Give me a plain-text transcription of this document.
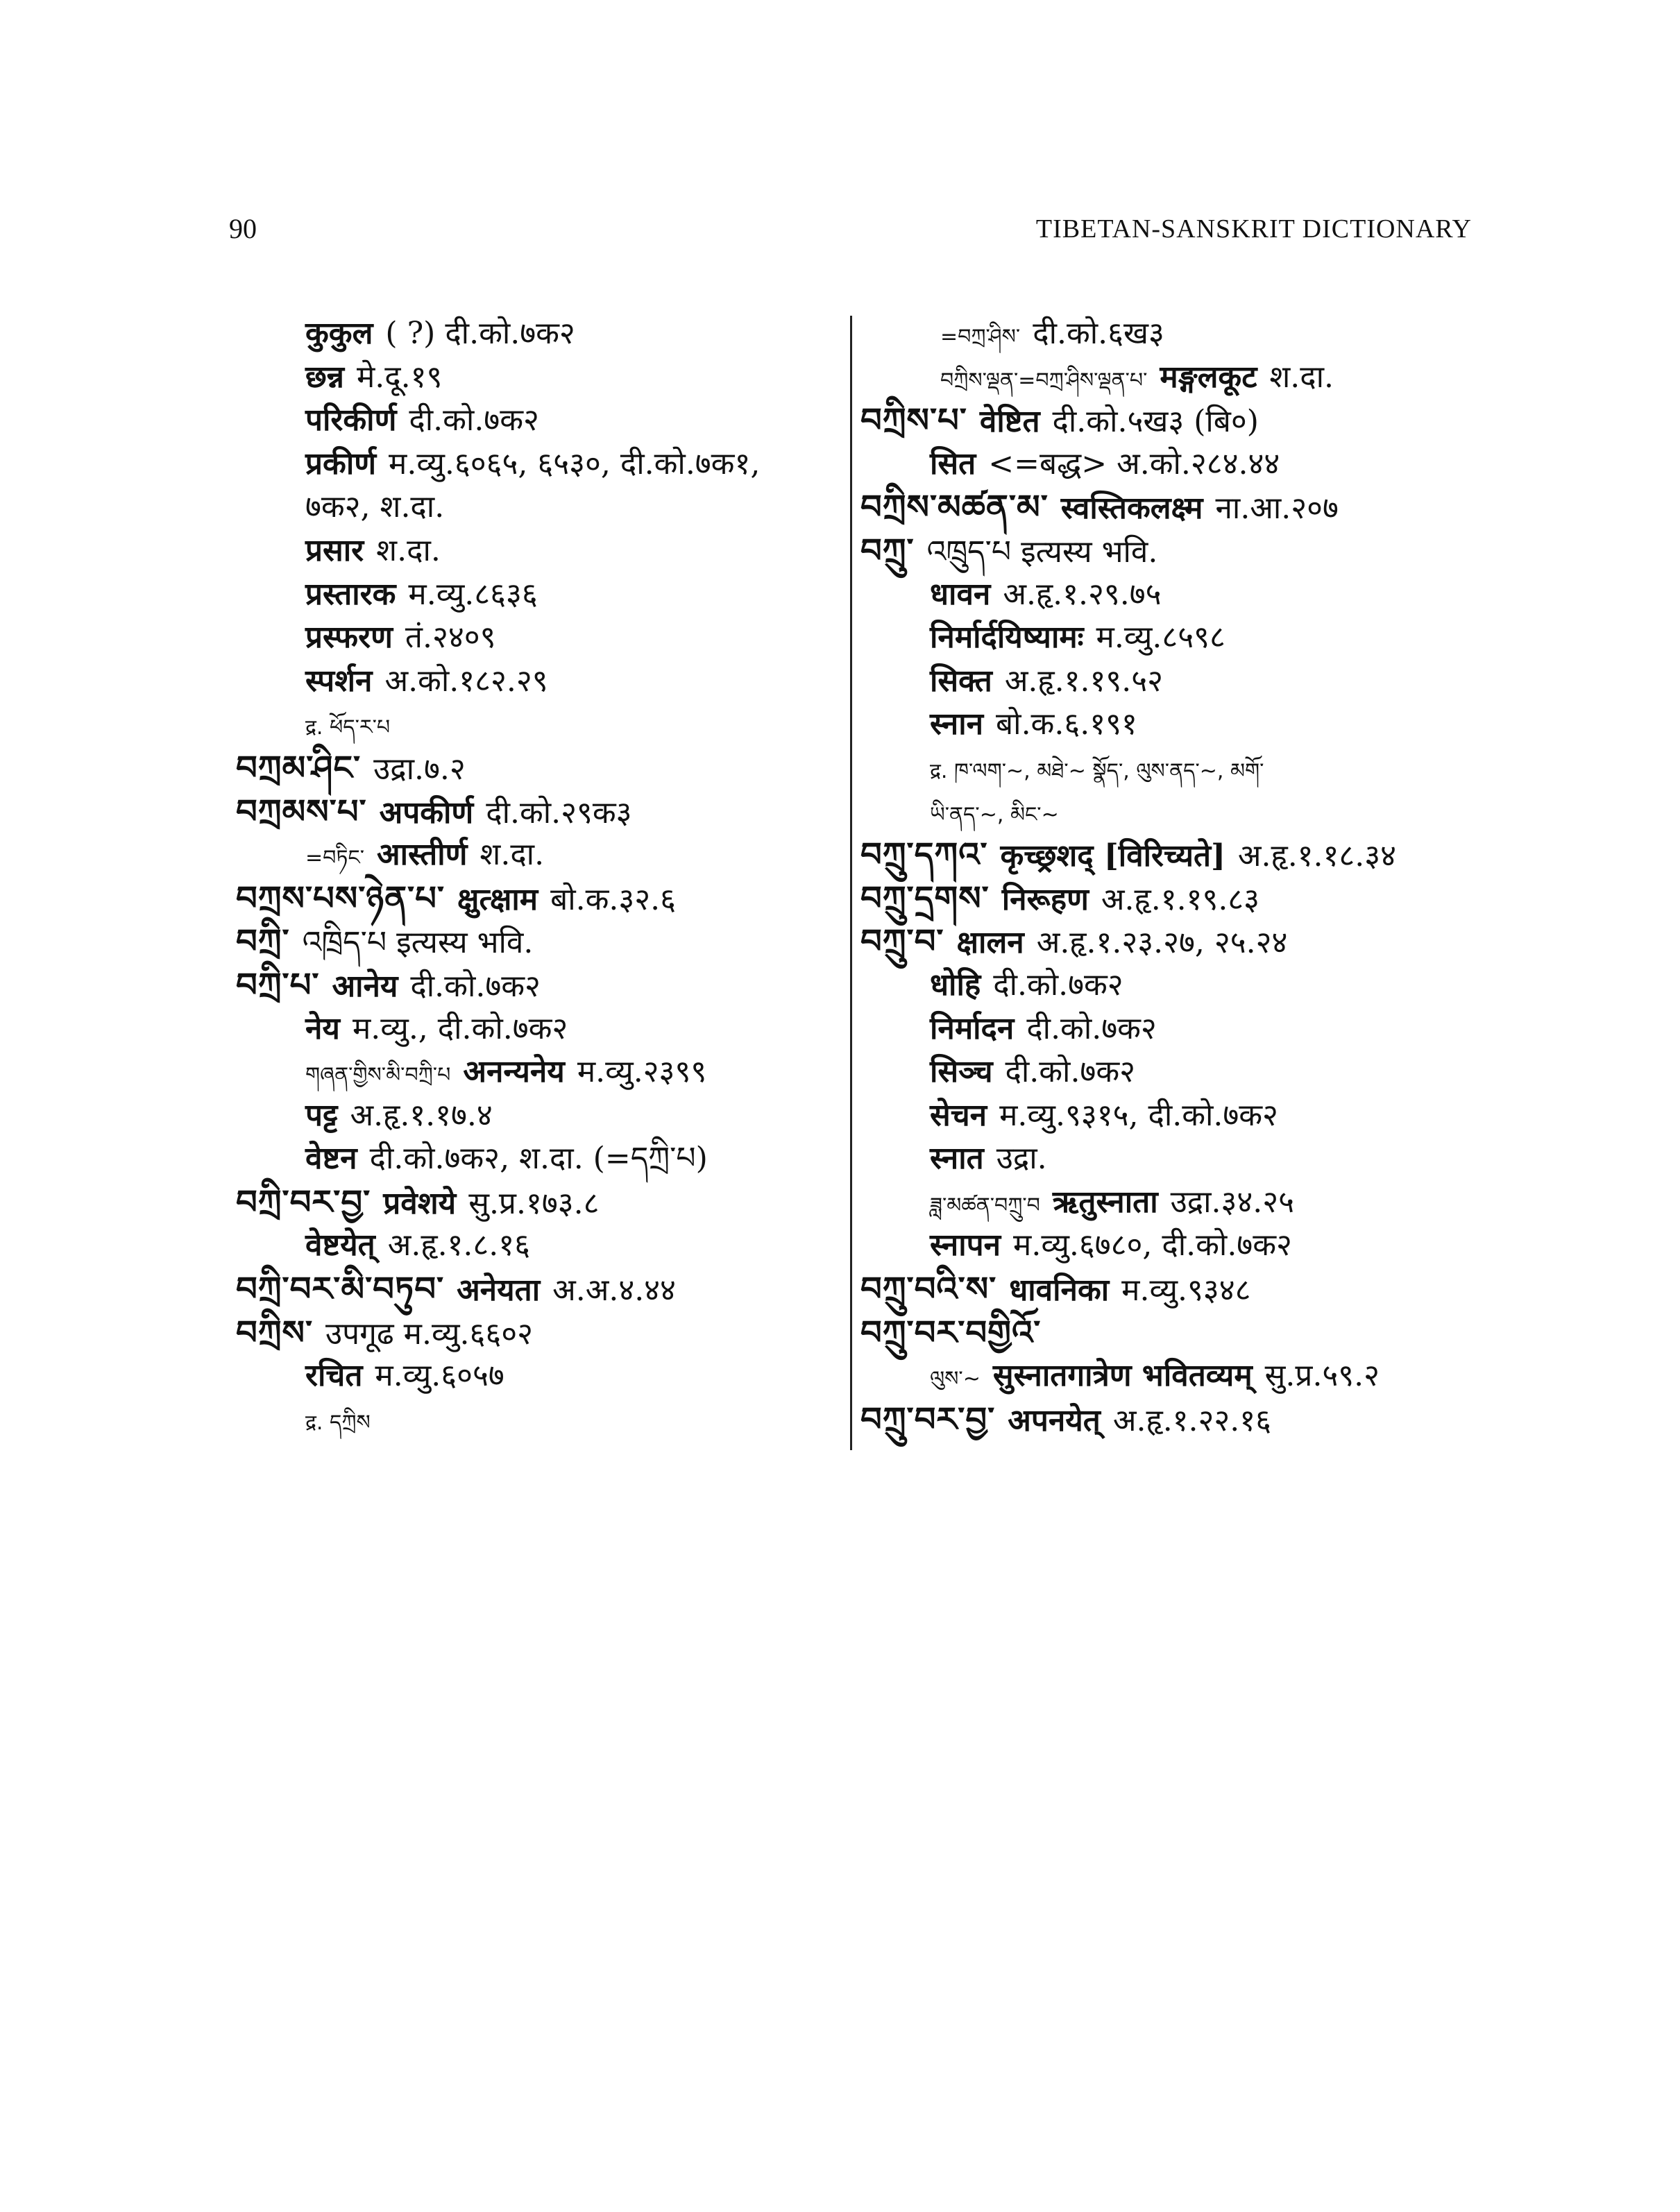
90	TIBETAN-SANSKRIT DICTIONARY
कुकुल ( ?) दी.को.७क२
छन्न मे.दू.१९
परिकीर्ण दी.को.७क२
प्रकीर्ण म.व्यु.६०६५, ६५३०, दी.को.७क१,
७क२, श.दा.
प्रसार श.दा.
प्रस्तारक म.व्यु.८६३६
प्रस्फरण तं.२४०९
स्पर्शन अ.को.१८२.२९
द्र. ཕོད་ར་པ
བཀྲམ་ཤིང་ उद्रा.७.२
བཀྲམས་པ་ अपकीर्ण दी.को.२९क३
=བཏིང་ आस्तीर्ण श.दा.
བཀྲས་པས་ཉེན་པ་ क्षुत्क्षाम बो.क.३२.६
བཀྲི་ འཁྲིད་པ इत्यस्य भवि.
བཀྲི་པ་ आनेय दी.को.७क२
नेय म.व्यु., दी.को.७क२
གཞན་གྱིས་མི་བཀྲི་པ अनन्यनेय म.व्यु.२३९९
पट्ट अ.हृ.१.१७.४
वेष्टन दी.को.७क२, श.दा. (=དཀྲི་པ)
བཀྲི་བར་བྱ་ प्रवेशये सु.प्र.१७३.८
वेष्टयेत् अ.हृ.१.८.१६
བཀྲི་བར་མི་བཏུབ་ अनेयता अ.अ.४.४४
བཀྲིས་ उपगूढ म.व्यु.६६०२
रचित म.व्यु.६०५७
द्र. དཀྲིས
=བཀྲ་ཤིས་ दी.को.६ख३
བཀྲིས་ལྡན་=བཀྲ་ཤིས་ལྡན་པ་ मङ्गलकूट श.दा.
བཀྲིས་པ་ वेष्टित दी.को.५ख३ (बि०)
सित <=बद्ध> अ.को.२८४.४४
བཀྲིས་མཚན་མ་ स्वस्तिकलक्ष्म ना.आ.२०७
བཀྲུ་ འཁྲུད་པ इत्यस्य भवि.
धावन अ.हृ.१.२९.७५
निर्मार्दयिष्यामः म.व्यु.८५९८
सिक्त अ.हृ.१.१९.५२
स्नान बो.क.६.१९१
द्र. ཁ་ལག་~, མཐེ་~ སྣོད་, ལུས་ནད་~, མགོ་
ཡི་ནད་~, མིང་~
བཀྲུ་དཀའ་ कृच्छ्रशद् [विरिच्यते] अ.हृ.१.१८.३४
བཀྲུ་དྲགས་ निरूहण अ.हृ.१.१९.८३
བཀྲུ་བ་ क्षालन अ.हृ.१.२३.२७, २५.२४
धोहि दी.को.७क२
निर्मादन दी.को.७क२
सिञ्च दी.को.७क२
सेचन म.व्यु.९३१५, दी.को.७क२
स्नात उद्रा.
ཟླ་མཚན་བཀྲུ་བ ऋतुस्नाता उद्रा.३४.२५
स्नापन म.व्यु.६७८०, दी.को.७क२
བཀྲུ་བའི་ས་ धावनिका म.व्यु.९३४८
བཀྲུ་བར་བགྱིའོ་
ལུས་~ सुस्नातगात्रेण भवितव्यम् सु.प्र.५९.२
བཀྲུ་བར་བྱ་ अपनयेत् अ.हृ.१.२२.१६
